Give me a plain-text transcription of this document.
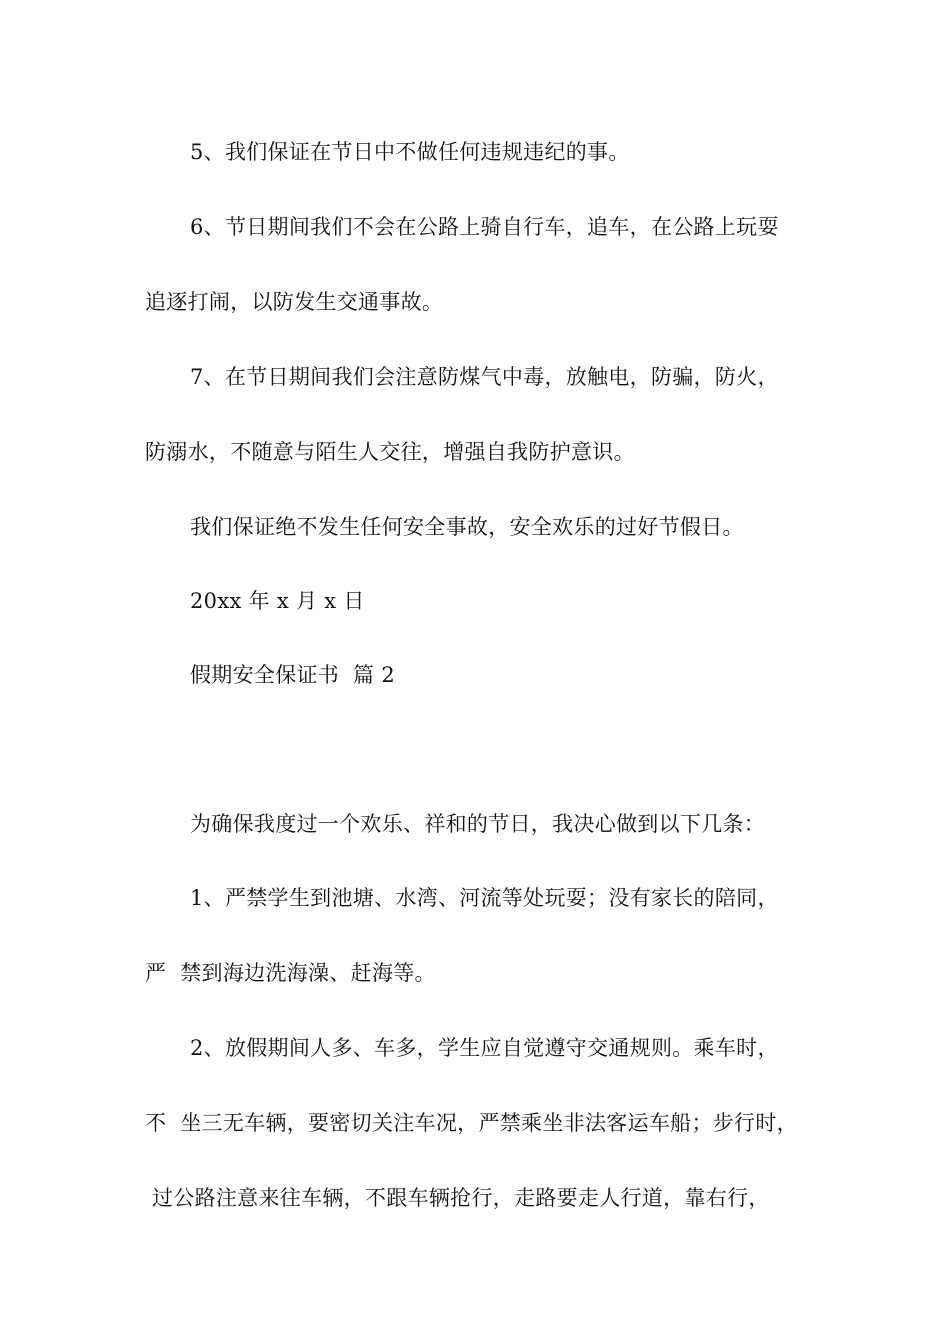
5、我们保证在节日中不做任何违规违纪的事。

6、节日期间我们不会在公路上骑自行车，追车，在公路上玩耍

追逐打闹，以防发生交通事故。

7、在节日期间我们会注意防煤气中毒，放触电，防骗，防火，

防溺水，不随意与陌生人交往，增强自我防护意识。

我们保证绝不发生任何安全事故，安全欢乐的过好节假日。

20xx 年 x 月 x 日

假期安全保证书  篇 2

为确保我度过一个欢乐、祥和的节日，我决心做到以下几条：

1、严禁学生到池塘、水湾、河流等处玩耍；没有家长的陪同，

严  禁到海边洗海澡、赶海等。

2、放假期间人多、车多，学生应自觉遵守交通规则。乘车时，

不  坐三无车辆，要密切关注车况，严禁乘坐非法客运车船；步行时，

过公路注意来往车辆，不跟车辆抢行，走路要走人行道，靠右行，
